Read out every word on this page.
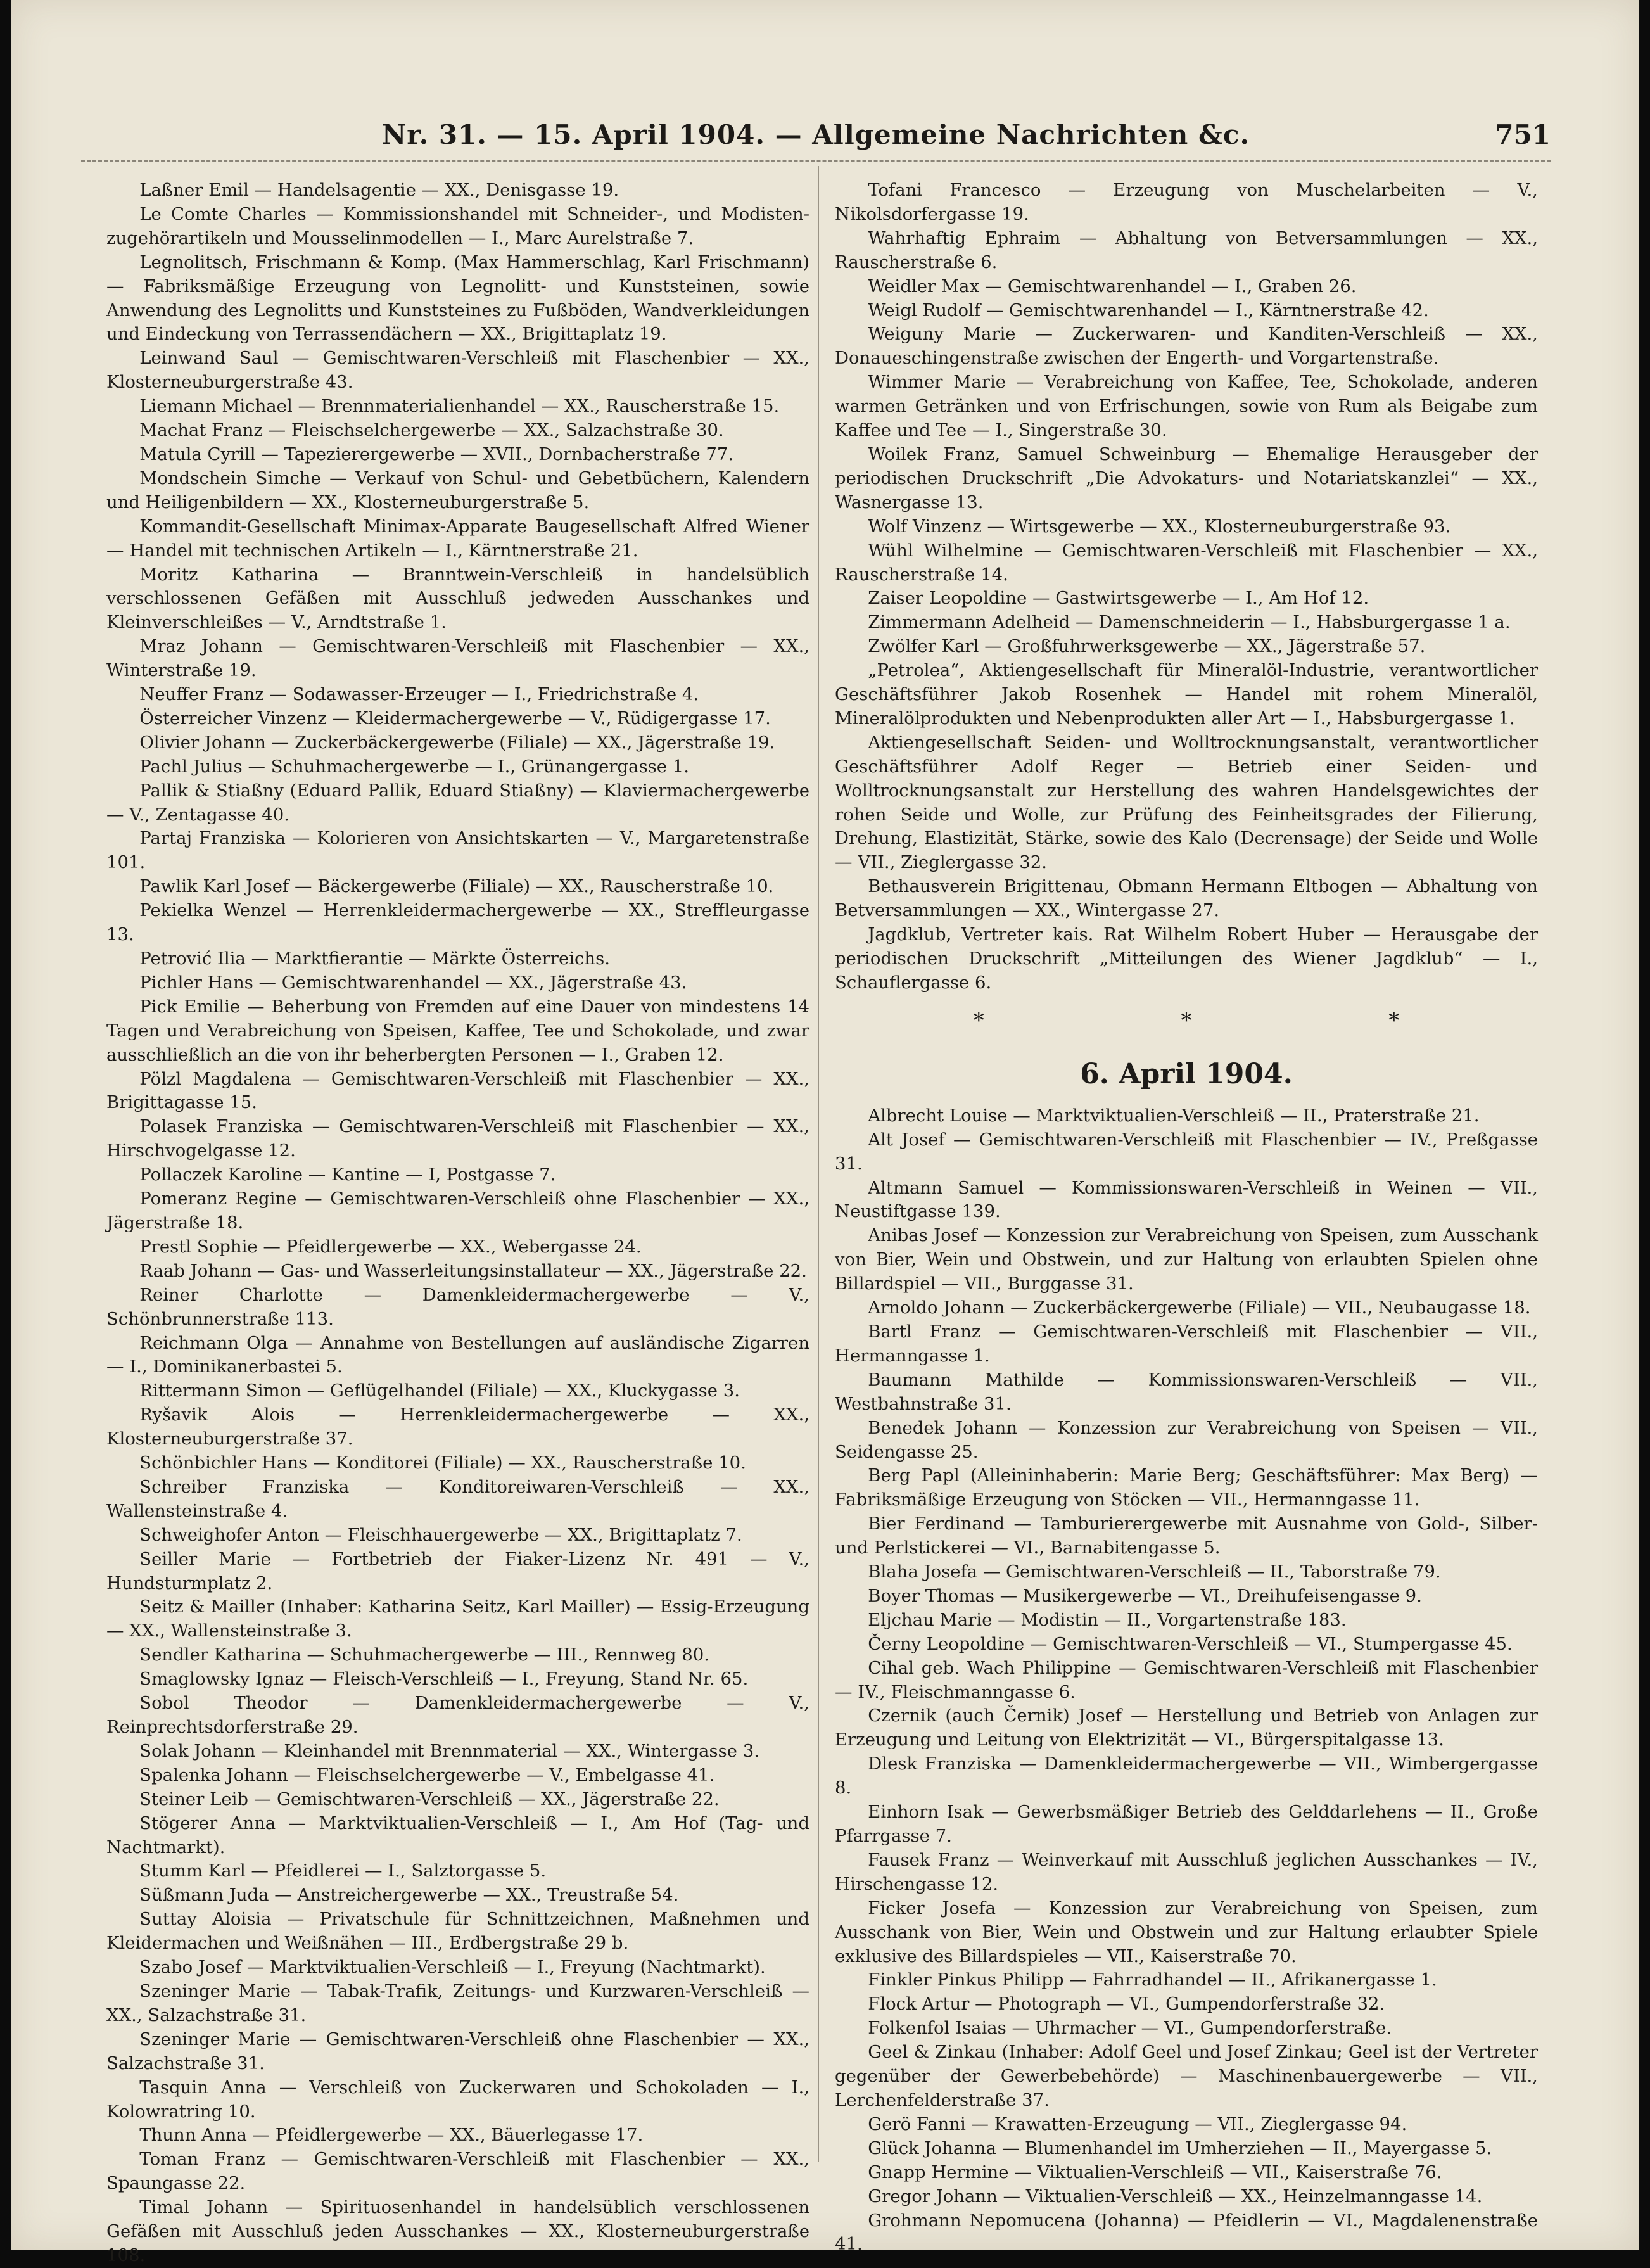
Nr. 31. — 15. April 1904. — Allgemeine Nachrichten &c.	751

Laßner Emil — Handelsagentie — XX., Denisgasse 19.

Le Comte Charles — Kommissionshandel mit Schneider-, und Modisten-zugehörartikeln und Mousselinmodellen — I., Marc Aurelstraße 7.

Legnolitsch, Frischmann & Komp. (Max Hammerschlag, Karl Frischmann) — Fabriksmäßige Erzeugung von Legnolitt- und Kunststeinen, sowie Anwendung des Legnolitts und Kunststeines zu Fußböden, Wandverkleidungen und Eindeckung von Terrassendächern — XX., Brigittaplatz 19.

Leinwand Saul — Gemischtwaren-Verschleiß mit Flaschenbier — XX., Klosterneuburgerstraße 43.

Liemann Michael — Brennmaterialienhandel — XX., Rauscherstraße 15.

Machat Franz — Fleischselchergewerbe — XX., Salzachstraße 30.

Matula Cyrill — Tapezierergewerbe — XVII., Dornbacherstraße 77.

Mondschein Simche — Verkauf von Schul- und Gebetbüchern, Kalendern und Heiligenbildern — XX., Klosterneuburgerstraße 5.

Kommandit-Gesellschaft Minimax-Apparate Baugesellschaft Alfred Wiener — Handel mit technischen Artikeln — I., Kärntnerstraße 21.

Moritz Katharina — Branntwein-Verschleiß in handelsüblich verschlossenen Gefäßen mit Ausschluß jedweden Ausschankes und Kleinverschleißes — V., Arndtstraße 1.

Mraz Johann — Gemischtwaren-Verschleiß mit Flaschenbier — XX., Winterstraße 19.

Neuffer Franz — Sodawasser-Erzeuger — I., Friedrichstraße 4.

Österreicher Vinzenz — Kleidermachergewerbe — V., Rüdigergasse 17.

Olivier Johann — Zuckerbäckergewerbe (Filiale) — XX., Jägerstraße 19.

Pachl Julius — Schuhmachergewerbe — I., Grünangergasse 1.

Pallik & Stiaßny (Eduard Pallik, Eduard Stiaßny) — Klaviermachergewerbe — V., Zentagasse 40.

Partaj Franziska — Kolorieren von Ansichtskarten — V., Margaretenstraße 101.

Pawlik Karl Josef — Bäckergewerbe (Filiale) — XX., Rauscherstraße 10.

Pekielka Wenzel — Herrenkleidermachergewerbe — XX., Streffleurgasse 13.

Petrović Ilia — Marktfierantie — Märkte Österreichs.

Pichler Hans — Gemischtwarenhandel — XX., Jägerstraße 43.

Pick Emilie — Beherbung von Fremden auf eine Dauer von mindestens 14 Tagen und Verabreichung von Speisen, Kaffee, Tee und Schokolade, und zwar ausschließlich an die von ihr beherbergten Personen — I., Graben 12.

Pölzl Magdalena — Gemischtwaren-Verschleiß mit Flaschenbier — XX., Brigittagasse 15.

Polasek Franziska — Gemischtwaren-Verschleiß mit Flaschenbier — XX., Hirschvogelgasse 12.

Pollaczek Karoline — Kantine — I, Postgasse 7.

Pomeranz Regine — Gemischtwaren-Verschleiß ohne Flaschenbier — XX., Jägerstraße 18.

Prestl Sophie — Pfeidlergewerbe — XX., Webergasse 24.

Raab Johann — Gas- und Wasserleitungsinstallateur — XX., Jägerstraße 22.

Reiner Charlotte — Damenkleidermachergewerbe — V., Schönbrunnerstraße 113.

Reichmann Olga — Annahme von Bestellungen auf ausländische Zigarren — I., Dominikanerbastei 5.

Rittermann Simon — Geflügelhandel (Filiale) — XX., Kluckygasse 3.

Ryšavik Alois — Herrenkleidermachergewerbe — XX., Klosterneuburgerstraße 37.

Schönbichler Hans — Konditorei (Filiale) — XX., Rauscherstraße 10.

Schreiber Franziska — Konditoreiwaren-Verschleiß — XX., Wallensteinstraße 4.

Schweighofer Anton — Fleischhauergewerbe — XX., Brigittaplatz 7.

Seiller Marie — Fortbetrieb der Fiaker-Lizenz Nr. 491 — V., Hundsturmplatz 2.

Seitz & Mailler (Inhaber: Katharina Seitz, Karl Mailler) — Essig-Erzeugung — XX., Wallensteinstraße 3.

Sendler Katharina — Schuhmachergewerbe — III., Rennweg 80.

Smaglowsky Ignaz — Fleisch-Verschleiß — I., Freyung, Stand Nr. 65.

Sobol Theodor — Damenkleidermachergewerbe — V., Reinprechtsdorferstraße 29.

Solak Johann — Kleinhandel mit Brennmaterial — XX., Wintergasse 3.

Spalenka Johann — Fleischselchergewerbe — V., Embelgasse 41.

Steiner Leib — Gemischtwaren-Verschleiß — XX., Jägerstraße 22.

Stögerer Anna — Marktviktualien-Verschleiß — I., Am Hof (Tag- und Nachtmarkt).

Stumm Karl — Pfeidlerei — I., Salztorgasse 5.

Süßmann Juda — Anstreichergewerbe — XX., Treustraße 54.

Suttay Aloisia — Privatschule für Schnittzeichnen, Maßnehmen und Kleidermachen und Weißnähen — III., Erdbergstraße 29 b.

Szabo Josef — Marktviktualien-Verschleiß — I., Freyung (Nachtmarkt).

Szeninger Marie — Tabak-Trafik, Zeitungs- und Kurzwaren-Verschleiß — XX., Salzachstraße 31.

Szeninger Marie — Gemischtwaren-Verschleiß ohne Flaschenbier — XX., Salzachstraße 31.

Tasquin Anna — Verschleiß von Zuckerwaren und Schokoladen — I., Kolowratring 10.

Thunn Anna — Pfeidlergewerbe — XX., Bäuerlegasse 17.

Toman Franz — Gemischtwaren-Verschleiß mit Flaschenbier — XX., Spaungasse 22.

Timal Johann — Spirituosenhandel in handelsüblich verschlossenen Gefäßen mit Ausschluß jeden Ausschankes — XX., Klosterneuburgerstraße 108.

Tofani Francesco — Erzeugung von Muschelarbeiten — V., Nikolsdorfergasse 19.

Wahrhaftig Ephraim — Abhaltung von Betversammlungen — XX., Rauscherstraße 6.

Weidler Max — Gemischtwarenhandel — I., Graben 26.

Weigl Rudolf — Gemischtwarenhandel — I., Kärntnerstraße 42.

Weiguny Marie — Zuckerwaren- und Kanditen-Verschleiß — XX., Donaueschingenstraße zwischen der Engerth- und Vorgartenstraße.

Wimmer Marie — Verabreichung von Kaffee, Tee, Schokolade, anderen warmen Getränken und von Erfrischungen, sowie von Rum als Beigabe zum Kaffee und Tee — I., Singerstraße 30.

Woilek Franz, Samuel Schweinburg — Ehemalige Herausgeber der periodischen Druckschrift „Die Advokaturs- und Notariatskanzlei“ — XX., Wasnergasse 13.

Wolf Vinzenz — Wirtsgewerbe — XX., Klosterneuburgerstraße 93.

Wühl Wilhelmine — Gemischtwaren-Verschleiß mit Flaschenbier — XX., Rauscherstraße 14.

Zaiser Leopoldine — Gastwirtsgewerbe — I., Am Hof 12.

Zimmermann Adelheid — Damenschneiderin — I., Habsburgergasse 1 a.

Zwölfer Karl — Großfuhrwerksgewerbe — XX., Jägerstraße 57.

„Petrolea“, Aktiengesellschaft für Mineralöl-Industrie, verantwortlicher Geschäftsführer Jakob Rosenhek — Handel mit rohem Mineralöl, Mineralölprodukten und Nebenprodukten aller Art — I., Habsburgergasse 1.

Aktiengesellschaft Seiden- und Wolltrocknungsanstalt, verantwortlicher Geschäftsführer Adolf Reger — Betrieb einer Seiden- und Wolltrocknungsanstalt zur Herstellung des wahren Handelsgewichtes der rohen Seide und Wolle, zur Prüfung des Feinheitsgrades der Filierung, Drehung, Elastizität, Stärke, sowie des Kalo (Decrensage) der Seide und Wolle — VII., Zieglergasse 32.

Bethausverein Brigittenau, Obmann Hermann Eltbogen — Abhaltung von Betversammlungen — XX., Wintergasse 27.

Jagdklub, Vertreter kais. Rat Wilhelm Robert Huber — Herausgabe der periodischen Druckschrift „Mitteilungen des Wiener Jagdklub“ — I., Schauflergasse 6.

* * *
6. April 1904.

Albrecht Louise — Marktviktualien-Verschleiß — II., Praterstraße 21.

Alt Josef — Gemischtwaren-Verschleiß mit Flaschenbier — IV., Preßgasse 31.

Altmann Samuel — Kommissionswaren-Verschleiß in Weinen — VII., Neustiftgasse 139.

Anibas Josef — Konzession zur Verabreichung von Speisen, zum Ausschank von Bier, Wein und Obstwein, und zur Haltung von erlaubten Spielen ohne Billardspiel — VII., Burggasse 31.

Arnoldo Johann — Zuckerbäckergewerbe (Filiale) — VII., Neubaugasse 18.

Bartl Franz — Gemischtwaren-Verschleiß mit Flaschenbier — VII., Hermanngasse 1.

Baumann Mathilde — Kommissionswaren-Verschleiß — VII., Westbahnstraße 31.

Benedek Johann — Konzession zur Verabreichung von Speisen — VII., Seidengasse 25.

Berg Papl (Alleininhaberin: Marie Berg; Geschäftsführer: Max Berg) — Fabriksmäßige Erzeugung von Stöcken — VII., Hermanngasse 11.

Bier Ferdinand — Tamburierergewerbe mit Ausnahme von Gold-, Silber- und Perlstickerei — VI., Barnabitengasse 5.

Blaha Josefa — Gemischtwaren-Verschleiß — II., Taborstraße 79.

Boyer Thomas — Musikergewerbe — VI., Dreihufeisengasse 9.

Eljchau Marie — Modistin — II., Vorgartenstraße 183.

Černy Leopoldine — Gemischtwaren-Verschleiß — VI., Stumpergasse 45.

Cihal geb. Wach Philippine — Gemischtwaren-Verschleiß mit Flaschenbier — IV., Fleischmanngasse 6.

Czernik (auch Černik) Josef — Herstellung und Betrieb von Anlagen zur Erzeugung und Leitung von Elektrizität — VI., Bürgerspitalgasse 13.

Dlesk Franziska — Damenkleidermachergewerbe — VII., Wimbergergasse 8.

Einhorn Isak — Gewerbsmäßiger Betrieb des Gelddarlehens — II., Große Pfarrgasse 7.

Fausek Franz — Weinverkauf mit Ausschluß jeglichen Ausschankes — IV., Hirschengasse 12.

Ficker Josefa — Konzession zur Verabreichung von Speisen, zum Ausschank von Bier, Wein und Obstwein und zur Haltung erlaubter Spiele exklusive des Billardspieles — VII., Kaiserstraße 70.

Finkler Pinkus Philipp — Fahrradhandel — II., Afrikanergasse 1.

Flock Artur — Photograph — VI., Gumpendorferstraße 32.

Folkenfol Isaias — Uhrmacher — VI., Gumpendorferstraße.

Geel & Zinkau (Inhaber: Adolf Geel und Josef Zinkau; Geel ist der Vertreter gegenüber der Gewerbebehörde) — Maschinenbauergewerbe — VII., Lerchenfelderstraße 37.

Gerö Fanni — Krawatten-Erzeugung — VII., Zieglergasse 94.

Glück Johanna — Blumenhandel im Umherziehen — II., Mayergasse 5.

Gnapp Hermine — Viktualien-Verschleiß — VII., Kaiserstraße 76.

Gregor Johann — Viktualien-Verschleiß — XX., Heinzelmanngasse 14.

Grohmann Nepomucena (Johanna) — Pfeidlerin — VI., Magdalenenstraße 41.
